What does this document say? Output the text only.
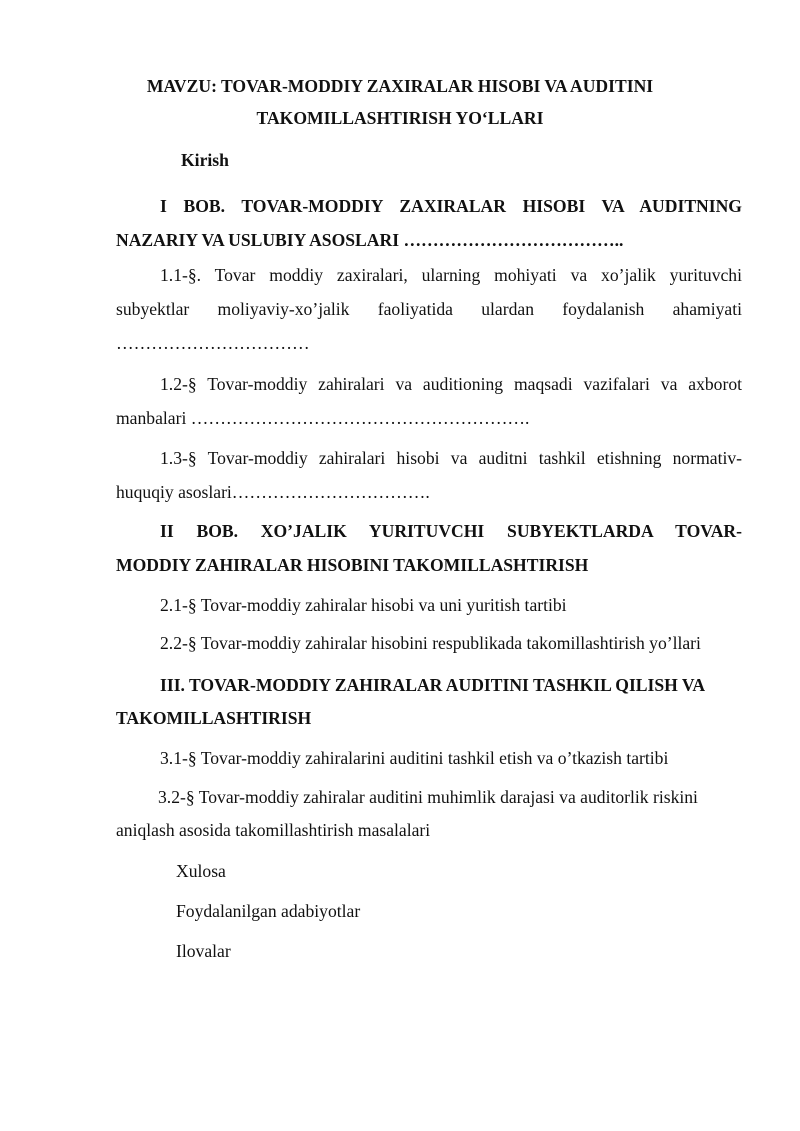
MAVZU: TOVAR-MODDIY ZAXIRALAR HISOBI VA AUDITINI

TAKOMILLASHTIRISH YO‘LLARI

Kirish

I BOB. TOVAR-MODDIY ZAXIRALAR HISOBI VA AUDITNING

NAZARIY VA USLUBIY ASOSLARI ………………………………..

1.1-§. Tovar moddiy zaxiralari, ularning mohiyati va xo’jalik yurituvchi

subyektlar moliyaviy-xo’jalik faoliyatida ulardan foydalanish ahamiyati

……………………………

1.2-§ Tovar-moddiy zahiralari va auditioning maqsadi vazifalari va axborot

manbalari ………………………………………………….

1.3-§ Tovar-moddiy zahiralari hisobi va auditni tashkil etishning normativ-

huquqiy asoslari…………………………….

II BOB. XO’JALIK YURITUVCHI SUBYEKTLARDA TOVAR-

MODDIY ZAHIRALAR HISOBINI TAKOMILLASHTIRISH

2.1-§ Tovar-moddiy zahiralar hisobi va uni yuritish tartibi

2.2-§ Tovar-moddiy zahiralar hisobini respublikada takomillashtirish yo’llari

III. TOVAR-MODDIY ZAHIRALAR AUDITINI TASHKIL QILISH VA

TAKOMILLASHTIRISH

3.1-§ Tovar-moddiy zahiralarini auditini tashkil etish va o’tkazish tartibi

3.2-§ Tovar-moddiy zahiralar auditini muhimlik darajasi va auditorlik riskini

aniqlash asosida takomillashtirish masalalari

Xulosa

Foydalanilgan adabiyotlar

Ilovalar
